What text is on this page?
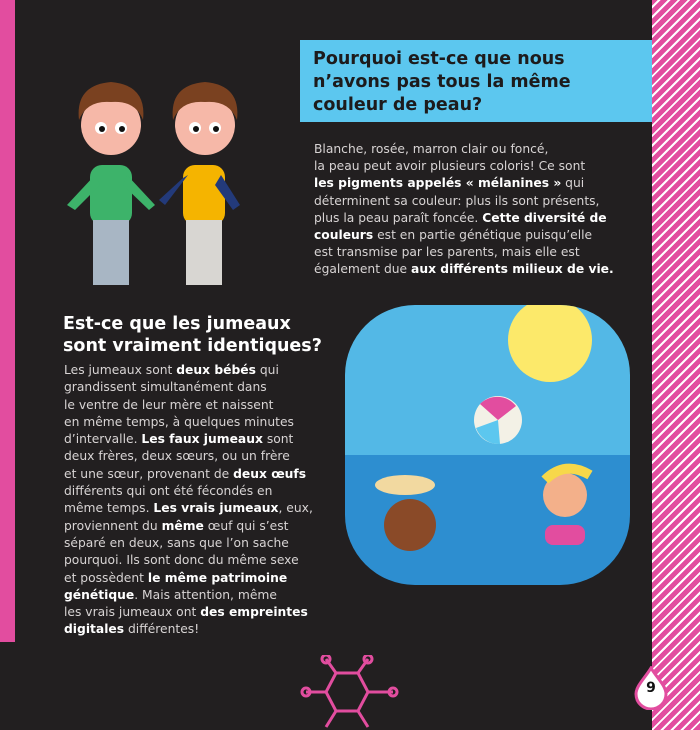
Pourquoi est-ce que nous
n’avons pas tous la même
couleur de peau?
Blanche, rosée, marron clair ou foncé,
la peau peut avoir plusieurs coloris! Ce sont
les pigments appelés « mélanines » qui
déterminent sa couleur: plus ils sont présents,
plus la peau paraît foncée. Cette diversité de
couleurs est en partie génétique puisqu’elle
est transmise par les parents, mais elle est
également due aux différents milieux de vie.
Est-ce que les jumeaux
sont vraiment identiques?
Les jumeaux sont deux bébés qui
grandissent simultanément dans
le ventre de leur mère et naissent
en même temps, à quelques minutes
d’intervalle. Les faux jumeaux sont
deux frères, deux sœurs, ou un frère
et une sœur, provenant de deux œufs
différents qui ont été fécondés en
même temps. Les vrais jumeaux, eux,
proviennent du même œuf qui s’est
séparé en deux, sans que l’on sache
pourquoi. Ils sont donc du même sexe
et possèdent le même patrimoine
génétique. Mais attention, même
les vrais jumeaux ont des empreintes
digitales différentes!
9
